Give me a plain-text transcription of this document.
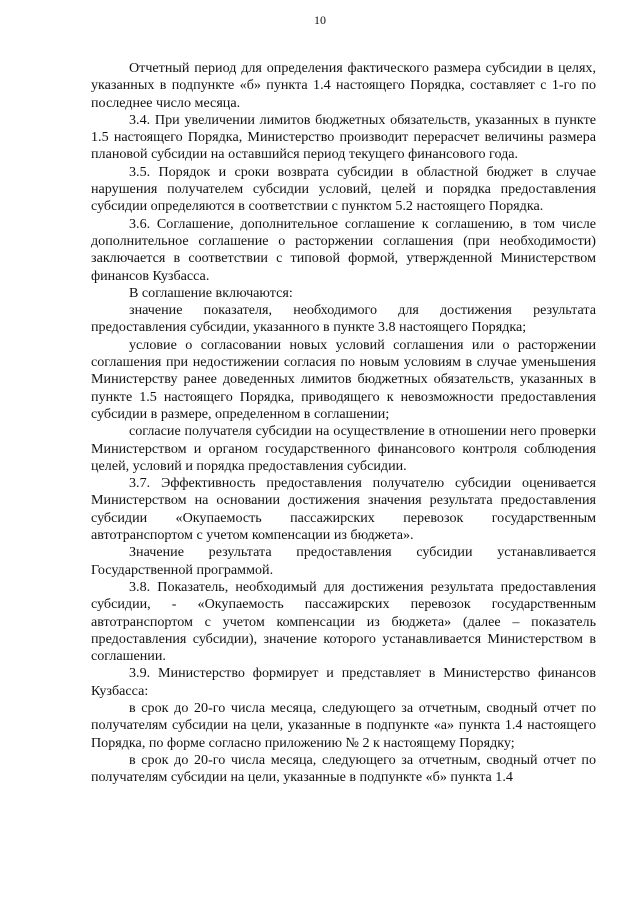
10

Отчетный период для определения фактического размера субсидии в целях, указанных в подпункте «б» пункта 1.4 настоящего Порядка, составляет с 1-го по последнее число месяца.

3.4. При увеличении лимитов бюджетных обязательств, указанных в пункте 1.5 настоящего Порядка, Министерство производит перерасчет величины размера плановой субсидии на оставшийся период текущего финансового года.

3.5. Порядок и сроки возврата субсидии в областной бюджет в случае нарушения получателем субсидии условий, целей и порядка предоставления субсидии определяются в соответствии с пунктом 5.2 настоящего Порядка.

3.6. Соглашение, дополнительное соглашение к соглашению, в том числе дополнительное соглашение о расторжении соглашения (при необходимости) заключается в соответствии с типовой формой, утвержденной Министерством финансов Кузбасса.

В соглашение включаются:

значение показателя, необходимого для достижения результата предоставления субсидии, указанного в пункте 3.8 настоящего Порядка;

условие о согласовании новых условий соглашения или о расторжении соглашения при недостижении согласия по новым условиям в случае уменьшения Министерству ранее доведенных лимитов бюджетных обязательств, указанных в пункте 1.5 настоящего Порядка, приводящего к невозможности предоставления субсидии в размере, определенном в соглашении;

согласие получателя субсидии на осуществление в отношении него проверки Министерством и органом государственного финансового контроля соблюдения целей, условий и порядка предоставления субсидии.

3.7. Эффективность предоставления получателю субсидии оценивается Министерством на основании достижения значения результата предоставления субсидии «Окупаемость пассажирских перевозок государственным автотранспортом с учетом компенсации из бюджета».

Значение результата предоставления субсидии устанавливается Государственной программой.

3.8. Показатель, необходимый для достижения результата предоставления субсидии, - «Окупаемость пассажирских перевозок государственным автотранспортом с учетом компенсации из бюджета» (далее – показатель предоставления субсидии), значение которого устанавливается Министерством в соглашении.

3.9. Министерство формирует и представляет в Министерство финансов Кузбасса:

в срок до 20-го числа месяца, следующего за отчетным, сводный отчет по получателям субсидии на цели, указанные в подпункте «а» пункта 1.4 настоящего Порядка, по форме согласно приложению № 2 к настоящему Порядку;

в срок до 20-го числа месяца, следующего за отчетным, сводный отчет по получателям субсидии на цели, указанные в подпункте «б» пункта 1.4
